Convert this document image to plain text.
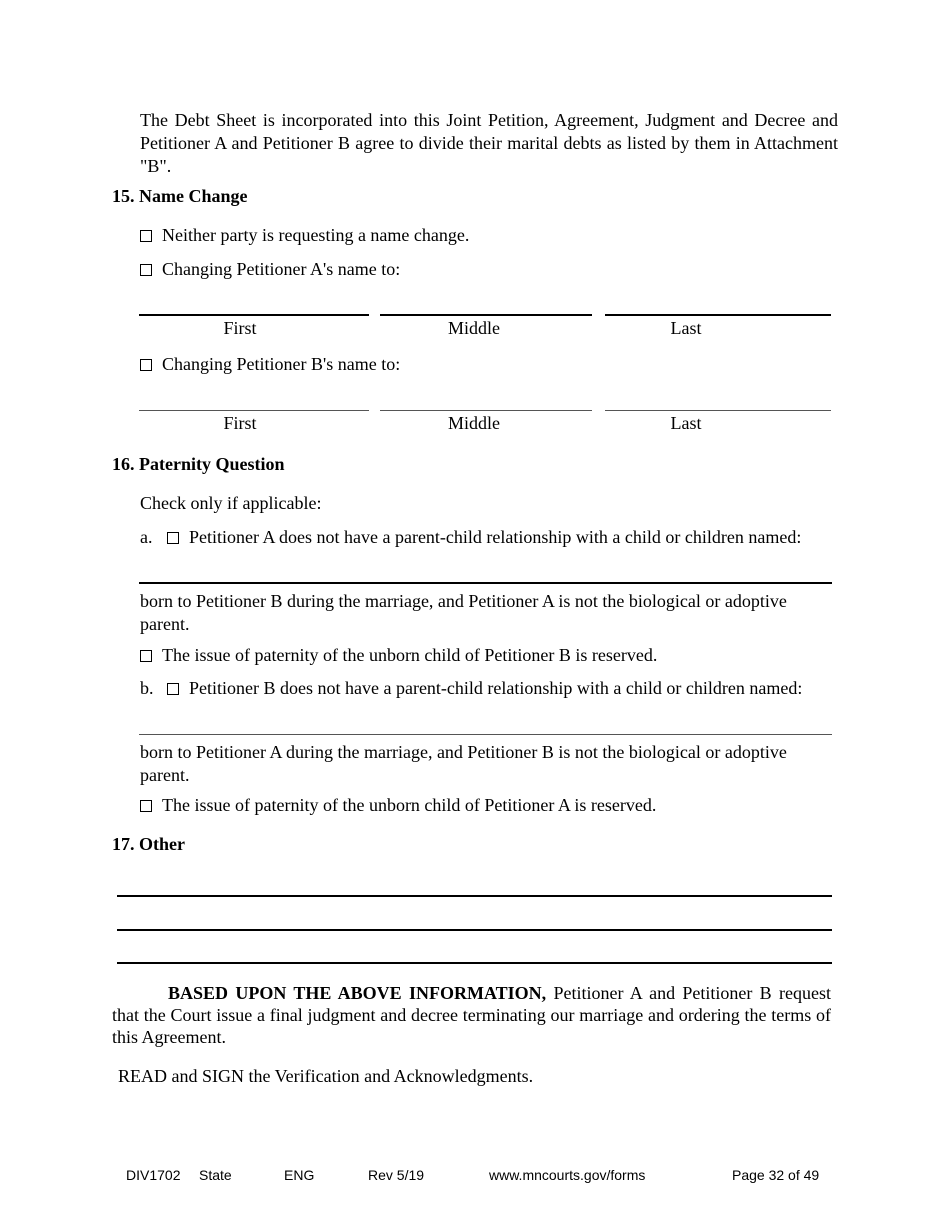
The Debt Sheet is incorporated into this Joint Petition, Agreement, Judgment and Decree and Petitioner A and Petitioner B agree to divide their marital debts as listed by them in Attachment "B".
15. Name Change
Neither party is requesting a name change.
Changing Petitioner A's name to:
First	Middle	Last
Changing Petitioner B's name to:
First	Middle	Last
16. Paternity Question
Check only if applicable:
a. Petitioner A does not have a parent-child relationship with a child or children named:
born to Petitioner B during the marriage, and Petitioner A is not the biological or adoptive parent.
The issue of paternity of the unborn child of Petitioner B is reserved.
b. Petitioner B does not have a parent-child relationship with a child or children named:
born to Petitioner A during the marriage, and Petitioner B is not the biological or adoptive parent.
The issue of paternity of the unborn child of Petitioner A is reserved.
17. Other
BASED UPON THE ABOVE INFORMATION, Petitioner A and Petitioner B request that the Court issue a final judgment and decree terminating our marriage and ordering the terms of this Agreement.
READ and SIGN the Verification and Acknowledgments.
DIV1702 State	ENG	Rev 5/19	www.mncourts.gov/forms	Page 32 of 49
